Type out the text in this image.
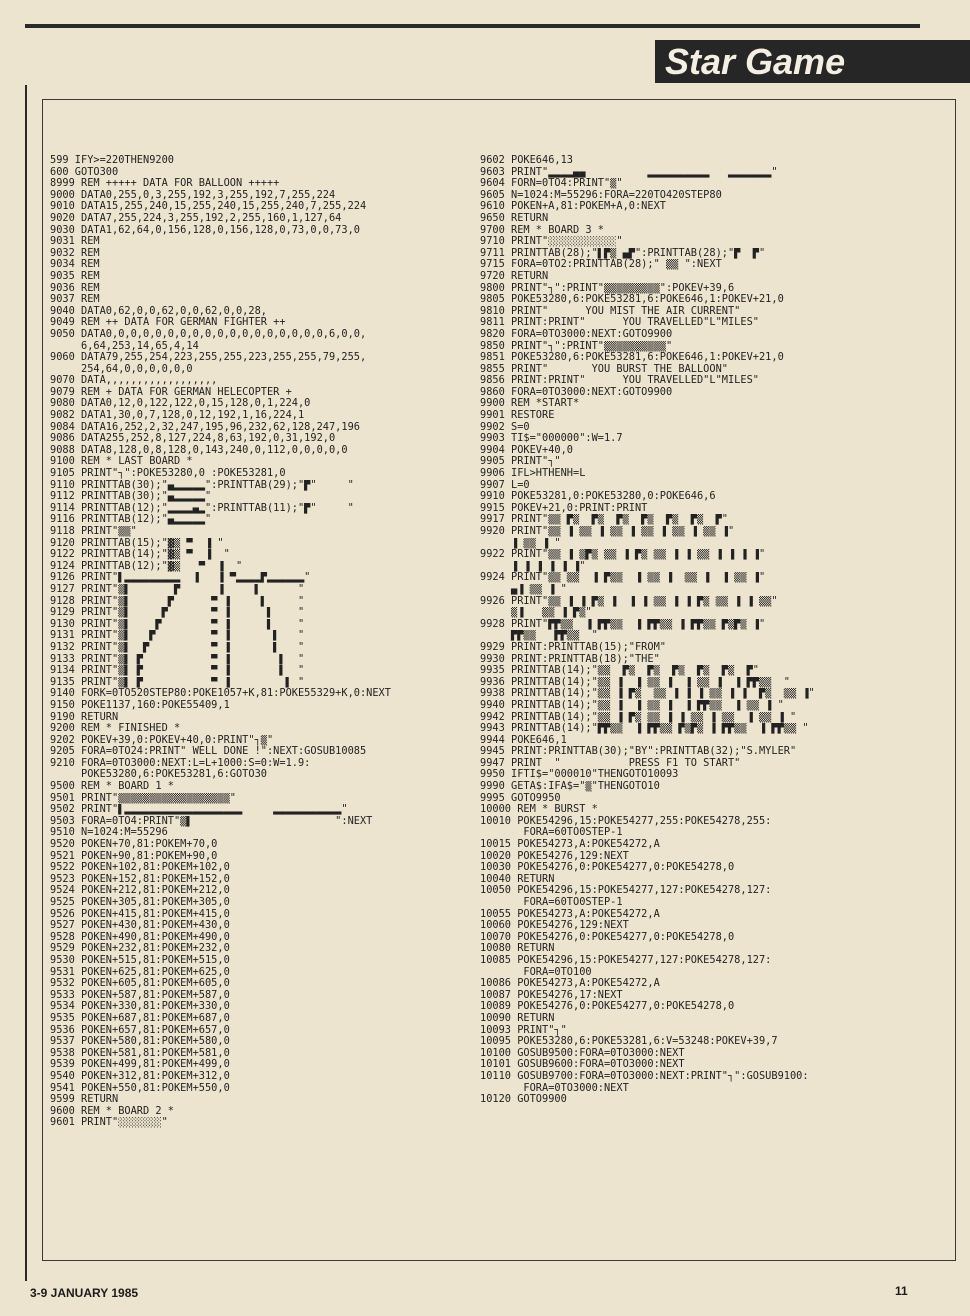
Star Game
599 IFY>=220THEN9200
600 GOTO300
8999 REM +++++ DATA FOR BALLOON +++++
9000 DATA0,255,0,3,255,192,3,255,192,7,255,224
9010 DATA15,255,240,15,255,240,15,255,240,7,255,224
9020 DATA7,255,224,3,255,192,2,255,160,1,127,64
9030 DATA1,62,64,0,156,128,0,156,128,0,73,0,0,73,0
9031 REM
9032 REM
9034 REM
9035 REM
9036 REM
9037 REM
9040 DATA0,62,0,0,62,0,0,62,0,0,28,
9049 REM ++ DATA FOR GERMAN FIGHTER ++
9050 DATA0,0,0,0,0,0,0,0,0,0,0,0,0,0,0,0,0,0,6,0,0,
6,64,253,14,65,4,14
9060 DATA79,255,254,223,255,255,223,255,255,79,255,
254,64,0,0,0,0,0,0
9070 DATA,,,,,,,,,,,,,,,,,,
9079 REM + DATA FOR GERMAN HELECOPTER +
9080 DATA0,12,0,122,122,0,15,128,0,1,224,0
9082 DATA1,30,0,7,128,0,12,192,1,16,224,1
9084 DATA16,252,2,32,247,195,96,232,62,128,247,196
9086 DATA255,252,8,127,224,8,63,192,0,31,192,0
9088 DATA8,128,0,8,128,0,143,240,0,112,0,0,0,0,0
9100 REM * LAST BOARD *
9105 PRINT"┐":POKE53280,0 :POKE53281,0
9110 PRINTTAB(30);"▄▂▂▂▂▂":PRINTTAB(29);"▛"     "
9112 PRINTTAB(30);"▄▂▂▂▂▂"
9114 PRINTTAB(12);"▂▂▂▂▄▂":PRINTTAB(11);"▛"     "
9116 PRINTTAB(12);"▄▂▂▂▂▂"
9118 PRINT"▒▒"
9120 PRINTTAB(15);"▓▒ ▀  ▐ "
9122 PRINTTAB(14);"▓▒ ▀  ▐  "
9124 PRINTTAB(12);"▓▒   ▀  ▐  "
9126 PRINT"▌▂▂▂▂▂▂▂▂▂  ▐   ▐ ▀▂▂▂▂▛▂▂▂▂▂▂"
9127 PRINT"▒▌       ▛      ▐     ▌      "
9128 PRINT"▒▌      ▛      ▀ ▐     ▌     "
9129 PRINT"▒▌     ▛       ▀ ▐      ▌    "
9130 PRINT"▒▌    ▛        ▀ ▐      ▌    "
9131 PRINT"▒▌   ▛         ▀ ▐       ▌   "
9132 PRINT"▒▌  ▛          ▀ ▐       ▌   "
9133 PRINT"▒▌ ▛           ▀ ▐        ▌  "
9134 PRINT"▒▌ ▛           ▀ ▐        ▌  "
9135 PRINT"▒▌ ▛           ▀ ▐         ▌ "
9140 FORK=0TO520STEP80:POKE1057+K,81:POKE55329+K,0:NEXT
9150 POKE1137,160:POKE55409,1
9190 RETURN
9200 REM * FINISHED *
9202 POKEV+39,0:POKEV+40,0:PRINT"┐▒"
9205 FORA=0TO24:PRINT" WELL DONE !":NEXT:GOSUB10085
9210 FORA=0TO3000:NEXT:L=L+1000:S=0:W=1.9:
POKE53280,6:POKE53281,6:GOTO30
9500 REM * BOARD 1 *
9501 PRINT"▒▒▒▒▒▒▒▒▒▒▒▒▒▒▒▒▒▒"
9502 PRINT"▌▂▂▂▂▂▂▂▂▂▂▂▂▂▂▂▂▂▂▂     ▂▂▂▂▂▂▂▂▂▂▂"
9503 FORA=0TO4:PRINT"▒▌                       ":NEXT
9510 N=1024:M=55296
9520 POKEN+70,81:POKEM+70,0
9521 POKEN+90,81:POKEM+90,0
9522 POKEN+102,81:POKEM+102,0
9523 POKEN+152,81:POKEM+152,0
9524 POKEN+212,81:POKEM+212,0
9525 POKEN+305,81:POKEM+305,0
9526 POKEN+415,81:POKEM+415,0
9527 POKEN+430,81:POKEM+430,0
9528 POKEN+490,81:POKEM+490,0
9529 POKEN+232,81:POKEM+232,0
9530 POKEN+515,81:POKEM+515,0
9531 POKEN+625,81:POKEM+625,0
9532 POKEN+605,81:POKEM+605,0
9533 POKEN+587,81:POKEM+587,0
9534 POKEN+330,81:POKEM+330,0
9535 POKEN+687,81:POKEM+687,0
9536 POKEN+657,81:POKEM+657,0
9537 POKEN+580,81:POKEM+580,0
9538 POKEN+581,81:POKEM+581,0
9539 POKEN+499,81:POKEM+499,0
9540 POKEN+312,81:POKEM+312,0
9541 POKEN+550,81:POKEM+550,0
9599 RETURN
9600 REM * BOARD 2 *
9601 PRINT"░░░░░░░"
9602 POKE646,13
9603 PRINT"▂▂▂▂▄▄          ▂▂▂▂▂▂▂▂▂▂   ▂▂▂▂▂▂▂"
9604 FORN=0TO4:PRINT"▒"
9605 N=1024:M=55296:FORA=220TO420STEP80
9610 POKEN+A,81:POKEM+A,0:NEXT
9650 RETURN
9700 REM * BOARD 3 *
9710 PRINT"░░░░░░░░░░░"
9711 PRINTTAB(28);"▌▛▒ ▄▛":PRINTTAB(28);"▛  ▛"
9715 FORA=0TO2:PRINTTAB(28);" ▒▒ ":NEXT
9720 RETURN
9800 PRINT"┐":PRINT"▒▒▒▒▒▒▒▒▒":POKEV+39,6
9805 POKE53280,6:POKE53281,6:POKE646,1:POKEV+21,0
9810 PRINT"      YOU MIST THE AIR CURRENT"
9811 PRINT:PRINT"      YOU TRAVELLED"L"MILES"
9820 FORA=0TO3000:NEXT:GOTO9900
9850 PRINT"┐":PRINT"▒▒▒▒▒▒▒▒▒▒"
9851 POKE53280,6:POKE53281,6:POKE646,1:POKEV+21,0
9855 PRINT"       YOU BURST THE BALLOON"
9856 PRINT:PRINT"      YOU TRAVELLED"L"MILES"
9860 FORA=0TO3000:NEXT:GOTO9900
9900 REM *START*
9901 RESTORE
9902 S=0
9903 TI$="000000":W=1.7
9904 POKEV+40,0
9905 PRINT"┐"
9906 IFL>HTHENH=L
9907 L=0
9910 POKE53281,0:POKE53280,0:POKE646,6
9915 POKEV+21,0:PRINT:PRINT
9917 PRINT"▒▒ ▛▒  ▛▒  ▛▒  ▛▒  ▛▒  ▛▒  ▛"
9920 PRINT"▒▒ ▐ ▒▒ ▐ ▒▒ ▐ ▒▒ ▐ ▒▒ ▐ ▒▒ ▐"
▐ ▒▒ ▐ "
9922 PRINT"▒▒ ▐ ▒▛▒ ▒▒ ▐ ▛▒ ▒▒ ▐ ▐ ▒▒ ▐ ▐ ▐ ▐"
▐ ▐ ▐ ▐ ▐ ▐"
9924 PRINT"▒▒ ▒▒  ▐ ▛▒▒  ▐ ▒▒ ▐  ▒▒ ▐  ▐ ▒▒ ▐"
▄▐ ▒▒ ▐ "
9926 PRINT"▒▒ ▐ ▐ ▛▒ ▐  ▐ ▐ ▒▒ ▐ ▐ ▛▒ ▒▒ ▐ ▐ ▒▒"
▒▐   ▒▒ ▐ ▛▒"
9928 PRINT"▛▛▒▒  ▐ ▛▛▒▒  ▐ ▛▛▒▒ ▐ ▛▛▒▒ ▛▒▛▒ ▐"
▛▛▒▒   ▛▛▒▒  "
9929 PRINT:PRINTTAB(15);"FROM"
9930 PRINT:PRINTTAB(18);"THE"
9935 PRINTTAB(14);"▒▒  ▛▒  ▛▒  ▛▒  ▛▒  ▛▒  ▛"
9936 PRINTTAB(14);"▒▒ ▐  ▐ ▒▒ ▐  ▐ ▒▒ ▐  ▐ ▛▛▒▒  "
9938 PRINTTAB(14);"▒▒ ▐ ▛▒  ▒▒ ▐ ▐ ▐ ▒▒ ▐ ▐  ▛▒  ▒▒ ▐"
9940 PRINTTAB(14);"▒▒ ▐  ▐ ▒▒ ▐  ▐ ▛▛▒▒  ▐ ▒▒ ▐ "
9942 PRINTTAB(14);"▒▒ ▐ ▛▒ ▒▒ ▐ ▐ ▒▒ ▐ ▒▒  ▐ ▒▒ ▐ "
9943 PRINTTAB(14);"▛▛▒▒  ▐ ▛▛▒▒ ▛▒▛▒ ▐ ▛▛▒▒  ▐ ▛▛▒▒ "
9944 POKE646,1
9945 PRINT:PRINTTAB(30);"BY":PRINTTAB(32);"S.MYLER"
9947 PRINT  "           PRESS F1 TO START"
9950 IFTI$="000010"THENGOTO10093
9990 GETA$:IFA$="▒"THENGOTO10
9995 GOTO9950
10000 REM * BURST *
10010 POKE54296,15:POKE54277,255:POKE54278,255:
FORA=60TO0STEP-1
10015 POKE54273,A:POKE54272,A
10020 POKE54276,129:NEXT
10030 POKE54276,0:POKE54277,0:POKE54278,0
10040 RETURN
10050 POKE54296,15:POKE54277,127:POKE54278,127:
FORA=60TO0STEP-1
10055 POKE54273,A:POKE54272,A
10060 POKE54276,129:NEXT
10070 POKE54276,0:POKE54277,0:POKE54278,0
10080 RETURN
10085 POKE54296,15:POKE54277,127:POKE54278,127:
FORA=0TO100
10086 POKE54273,A:POKE54272,A
10087 POKE54276,17:NEXT
10089 POKE54276,0:POKE54277,0:POKE54278,0
10090 RETURN
10093 PRINT"┐"
10095 POKE53280,6:POKE53281,6:V=53248:POKEV+39,7
10100 GOSUB9500:FORA=0TO3000:NEXT
10101 GOSUB9600:FORA=0TO3000:NEXT
10110 GOSUB9700:FORA=0TO3000:NEXT:PRINT"┐":GOSUB9100:
FORA=0TO3000:NEXT
10120 GOTO9900
3-9 JANUARY 1985	11
